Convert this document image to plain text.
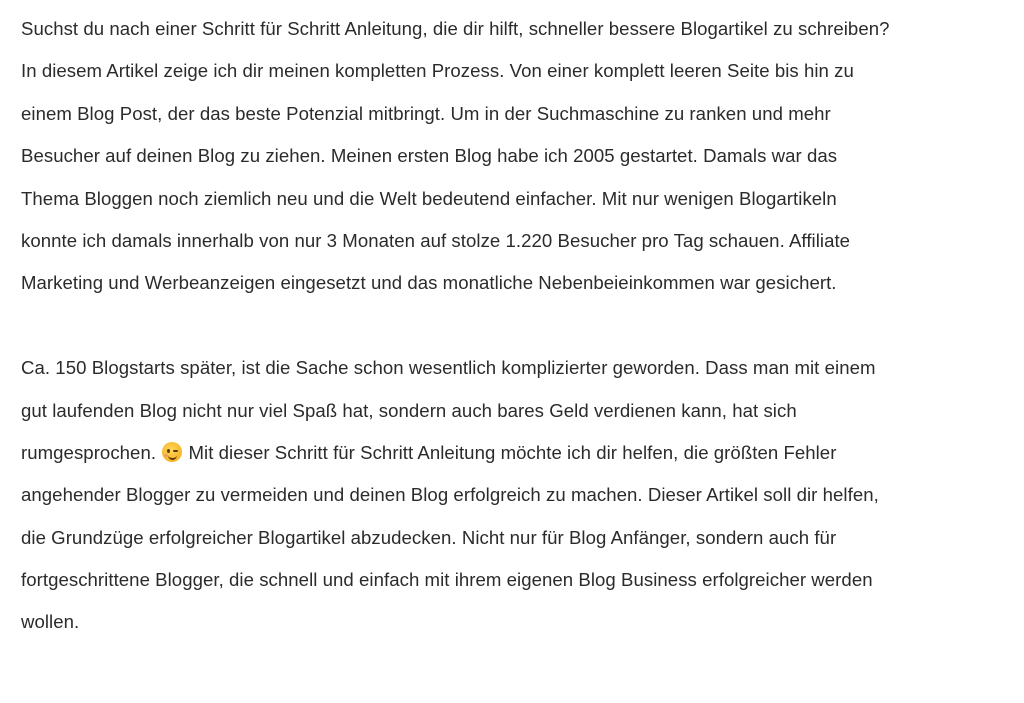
Suchst du nach einer Schritt für Schritt Anleitung, die dir hilft, schneller bessere Blogartikel zu schreiben?
In diesem Artikel zeige ich dir meinen kompletten Prozess. Von einer komplett leeren Seite bis hin zu
einem Blog Post, der das beste Potenzial mitbringt. Um in der Suchmaschine zu ranken und mehr
Besucher auf deinen Blog zu ziehen. Meinen ersten Blog habe ich 2005 gestartet. Damals war das
Thema Bloggen noch ziemlich neu und die Welt bedeutend einfacher. Mit nur wenigen Blogartikeln
konnte ich damals innerhalb von nur 3 Monaten auf stolze 1.220 Besucher pro Tag schauen. Affiliate
Marketing und Werbeanzeigen eingesetzt und das monatliche Nebenbeieinkommen war gesichert.
Ca. 150 Blogstarts später, ist die Sache schon wesentlich komplizierter geworden. Dass man mit einem
gut laufenden Blog nicht nur viel Spaß hat, sondern auch bares Geld verdienen kann, hat sich
rumgesprochen. Mit dieser Schritt für Schritt Anleitung möchte ich dir helfen, die größten Fehler
angehender Blogger zu vermeiden und deinen Blog erfolgreich zu machen. Dieser Artikel soll dir helfen,
die Grundzüge erfolgreicher Blogartikel abzudecken. Nicht nur für Blog Anfänger, sondern auch für
fortgeschrittene Blogger, die schnell und einfach mit ihrem eigenen Blog Business erfolgreicher werden
wollen.
